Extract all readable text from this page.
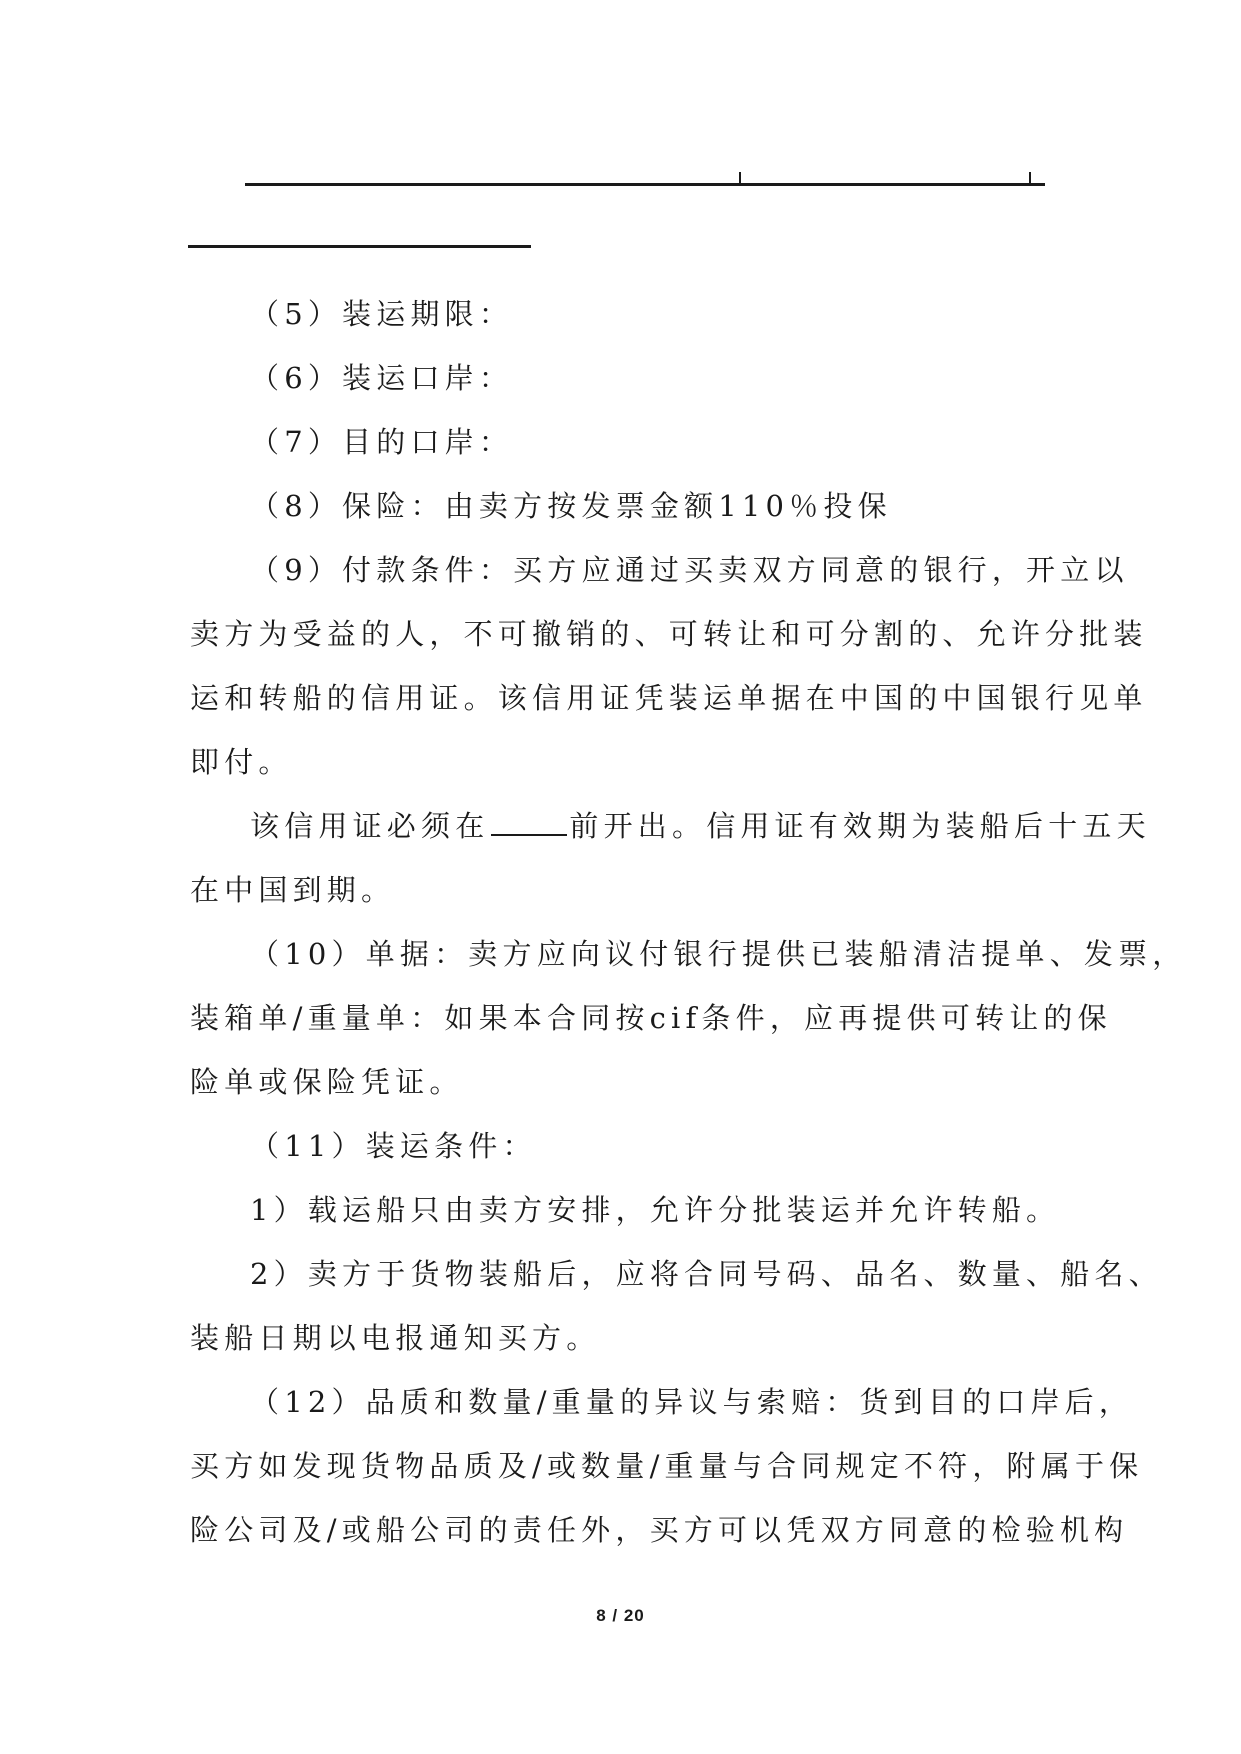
（5）装运期限：
（6）装运口岸：
（7）目的口岸：
（8）保险：由卖方按发票金额110％投保
（9）付款条件：买方应通过买卖双方同意的银行，开立以
卖方为受益的人，不可撤销的、可转让和可分割的、允许分批装
运和转船的信用证。该信用证凭装运单据在中国的中国银行见单
即付。
该信用证必须在	前开出。信用证有效期为装船后十五天
在中国到期。
（10）单据：卖方应向议付银行提供已装船清洁提单、发票，
装箱单/重量单：如果本合同按cif条件，应再提供可转让的保
险单或保险凭证。
（11）装运条件：
1）载运船只由卖方安排，允许分批装运并允许转船。
2）卖方于货物装船后，应将合同号码、品名、数量、船名、
装船日期以电报通知买方。
（12）品质和数量/重量的异议与索赔：货到目的口岸后，
买方如发现货物品质及/或数量/重量与合同规定不符，附属于保
险公司及/或船公司的责任外，买方可以凭双方同意的检验机构
8 / 20
